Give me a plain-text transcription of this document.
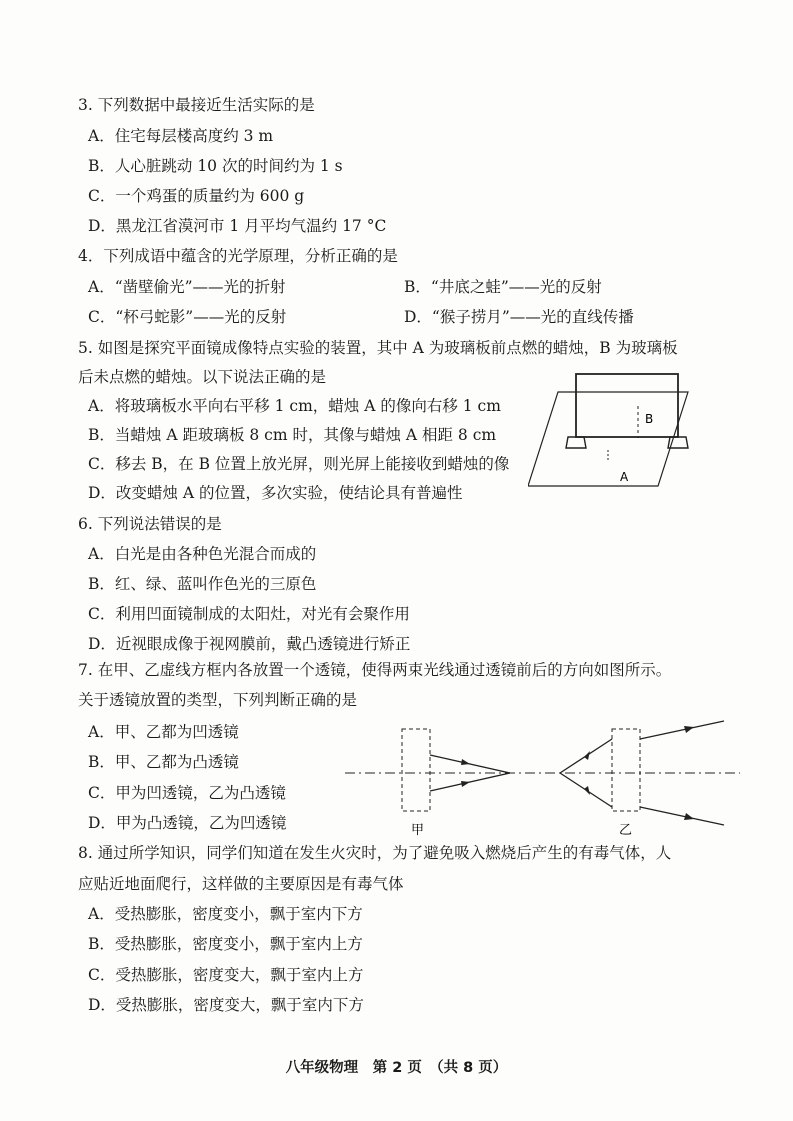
3. 下列数据中最接近生活实际的是
A．住宅每层楼高度约 3 m
B．人心脏跳动 10 次的时间约为 1 s
C．一个鸡蛋的质量约为 600 g
D．黑龙江省漠河市 1 月平均气温约 17 °C
4．下列成语中蕴含的光学原理，分析正确的是
A．“凿壁偷光”——光的折射	B．“井底之蛙”——光的反射
C．“杯弓蛇影”——光的反射	D．“猴子捞月”——光的直线传播
5. 如图是探究平面镜成像特点实验的装置，其中 A 为玻璃板前点燃的蜡烛，B 为玻璃板
后未点燃的蜡烛。以下说法正确的是
A．将玻璃板水平向右平移 1 cm，蜡烛 A 的像向右移 1 cm
B．当蜡烛 A 距玻璃板 8 cm 时，其像与蜡烛 A 相距 8 cm
C．移去 B，在 B 位置上放光屏，则光屏上能接收到蜡烛的像
D．改变蜡烛 A 的位置，多次实验，使结论具有普遍性
B
A
6. 下列说法错误的是
A．白光是由各种色光混合而成的
B．红、绿、蓝叫作色光的三原色
C．利用凹面镜制成的太阳灶，对光有会聚作用
D．近视眼成像于视网膜前，戴凸透镜进行矫正
7. 在甲、乙虚线方框内各放置一个透镜，使得两束光线通过透镜前后的方向如图所示。
关于透镜放置的类型，下列判断正确的是
A．甲、乙都为凹透镜
B．甲、乙都为凸透镜
C．甲为凹透镜，乙为凸透镜
D．甲为凸透镜，乙为凹透镜	甲	乙
8. 通过所学知识，同学们知道在发生火灾时，为了避免吸入燃烧后产生的有毒气体，人
应贴近地面爬行，这样做的主要原因是有毒气体
A．受热膨胀，密度变小，飘于室内下方
B．受热膨胀，密度变小，飘于室内上方
C．受热膨胀，密度变大，飘于室内上方
D．受热膨胀，密度变大，飘于室内下方
八年级物理　第 2 页　（共 8 页）
